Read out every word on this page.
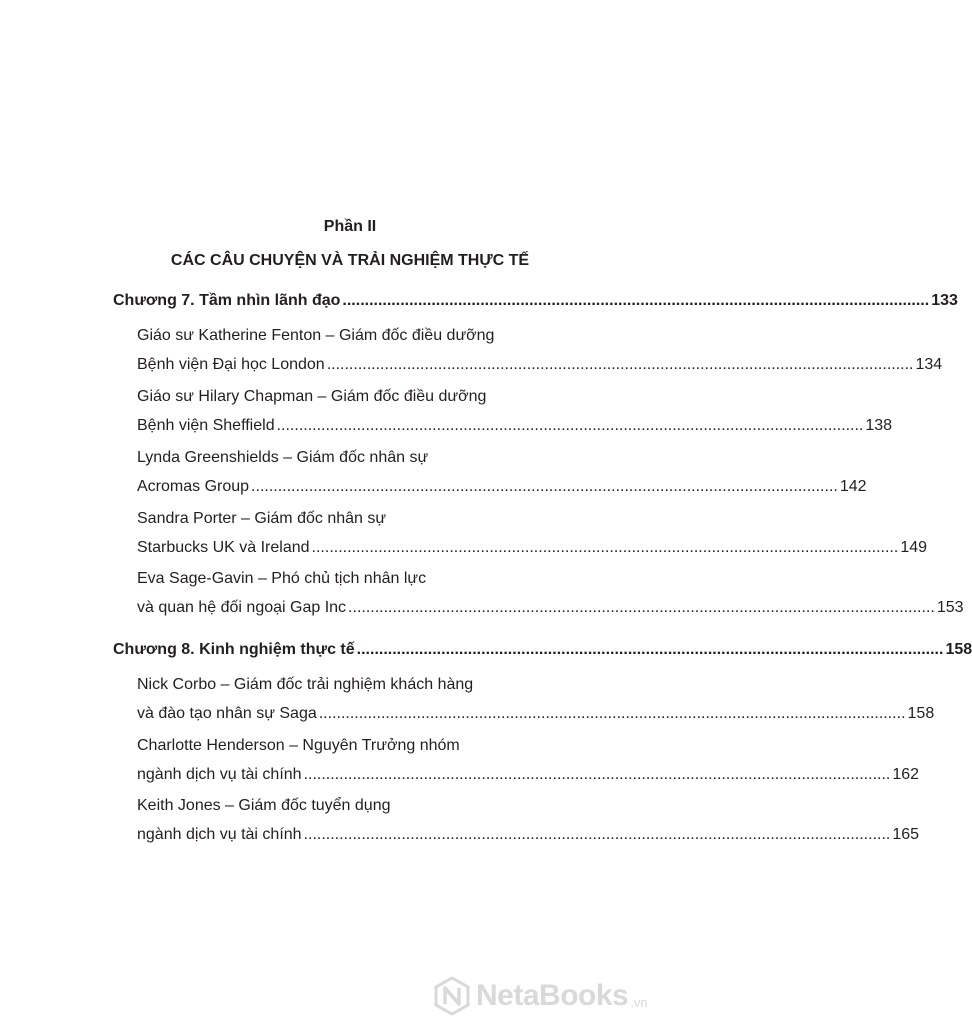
Phần II
CÁC CÂU CHUYỆN VÀ TRẢI NGHIỆM THỰC TẾ
Chương 7. Tầm nhìn lãnh đạo .................................................................................................................................... 133
Giáo sư Katherine Fenton – Giám đốc điều dưỡng
Bệnh viện Đại học London .................................................................................................................................... 134
Giáo sư Hilary Chapman – Giám đốc điều dưỡng
Bệnh viện Sheffield .................................................................................................................................... 138
Lynda Greenshields – Giám đốc nhân sự
Acromas Group .................................................................................................................................... 142
Sandra Porter – Giám đốc nhân sự
Starbucks UK và Ireland .................................................................................................................................... 149
Eva Sage-Gavin – Phó chủ tịch nhân lực
và quan hệ đối ngoại Gap Inc .................................................................................................................................... 153
Chương 8. Kinh nghiệm thực tế .................................................................................................................................... 158
Nick Corbo – Giám đốc trải nghiệm khách hàng
và đào tạo nhân sự Saga .................................................................................................................................... 158
Charlotte Henderson – Nguyên Trưởng nhóm
ngành dịch vụ tài chính .................................................................................................................................... 162
Keith Jones – Giám đốc tuyển dụng
ngành dịch vụ tài chính .................................................................................................................................... 165
NetaBooks .vn
